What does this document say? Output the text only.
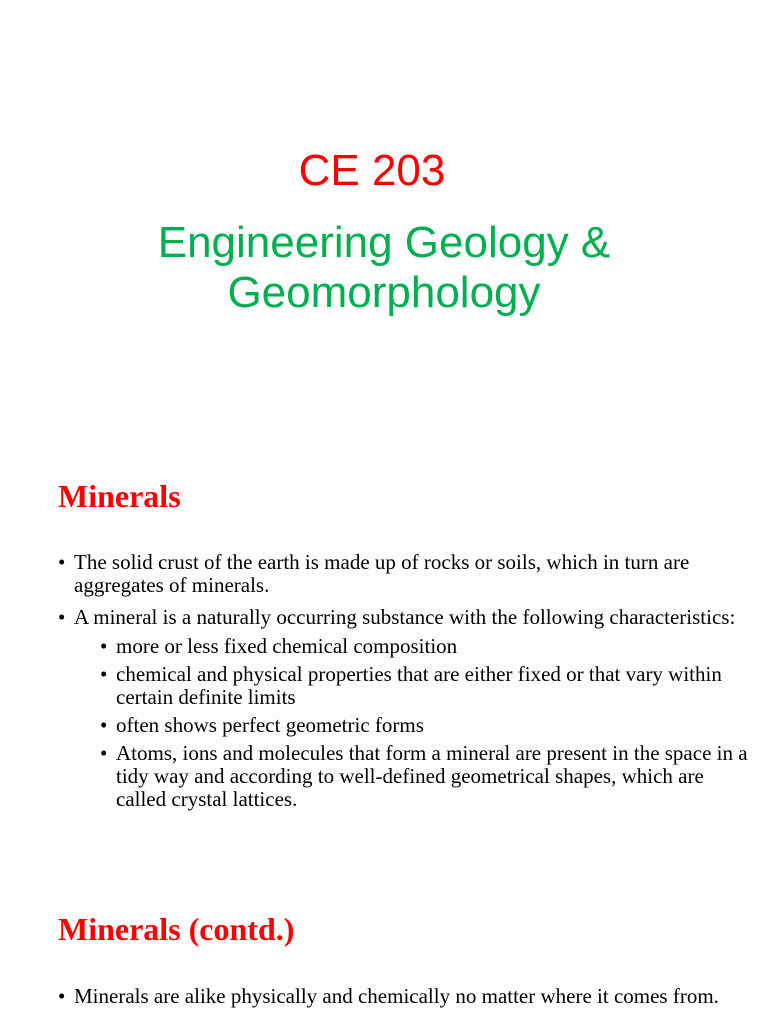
CE 203
Engineering Geology &
Geomorphology
Minerals
• The solid crust of the earth is made up of rocks or soils, which in turn are aggregates of minerals.
• A mineral is a naturally occurring substance with the following characteristics:
• more or less fixed chemical composition
• chemical and physical properties that are either fixed or that vary within certain definite limits
• often shows perfect geometric forms
• Atoms, ions and molecules that form a mineral are present in the space in a tidy way and according to well-defined geometrical shapes, which are called crystal lattices.
Minerals (contd.)
• Minerals are alike physically and chemically no matter where it comes from.
